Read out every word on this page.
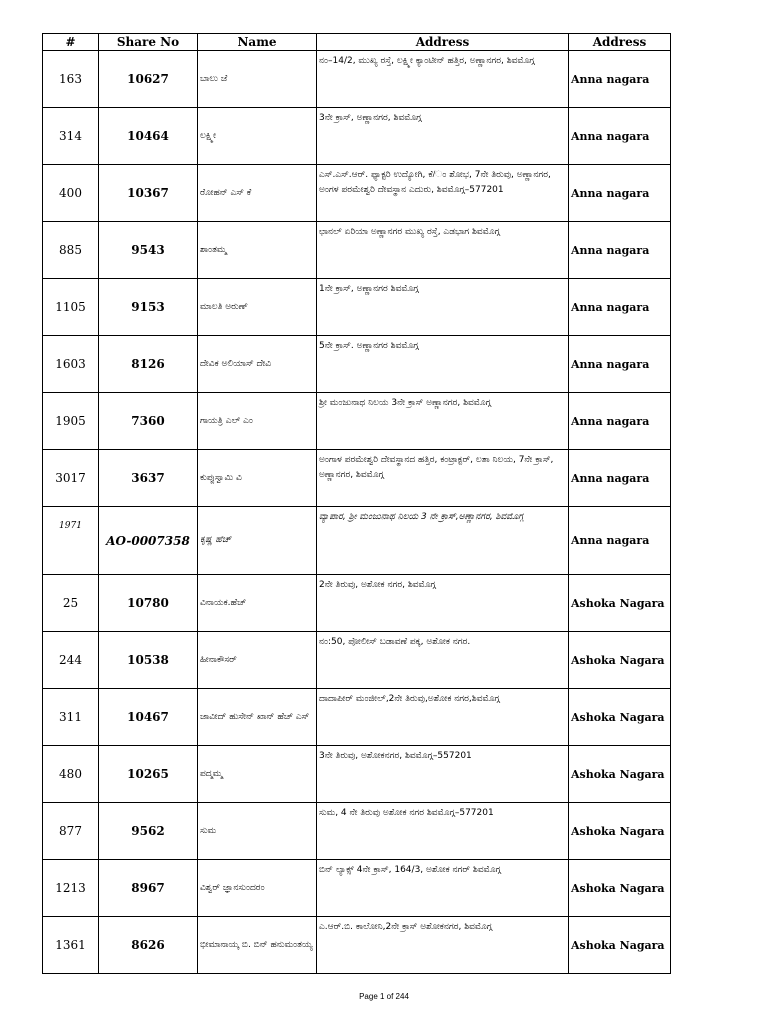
#	Share No	Name	Address	Address
163	10627	ಬಾಲು ಜೆ	ನಂ–14/2, ಮುಖ್ಯ ರಸ್ತೆ, ಲಕ್ಷ್ಮೀ ಕ್ಯಾಂಟೀನ್ ಹತ್ತಿರ, ಅಣ್ಣಾನಗರ, ಶಿವಮೊಗ್ಗ	Anna nagara
314	10464	ಲಕ್ಷ್ಮೀ	3ನೇ ಕ್ರಾಸ್, ಅಣ್ಣಾನಗರ, ಶಿವಮೊಗ್ಗ	Anna nagara
400	10367	ರೋಹನ್ ಎಸ್ ಕೆ	ಎಸ್.ಎಸ್.ಆರ್. ಫ್ಯಾಕ್ಟರಿ ಉದ್ಯೋಗಿ, ಕೆ/ಂ ಶೋಭ, 7ನೇ ತಿರುವು, ಅಣ್ಣಾನಗರ, ಅಂಗಳ ಪರಮೇಶ್ವರಿ ದೇವಸ್ಥಾನ ಎದುರು, ಶಿವಮೊಗ್ಗ–577201	Anna nagara
885	9543	ಶಾಂತಮ್ಮ	ಛಾನಲ್ ಏರಿಯಾ ಅಣ್ಣಾನಗರ ಮುಖ್ಯ ರಸ್ತೆ, ಎಡಭಾಗ ಶಿವಮೊಗ್ಗ	Anna nagara
1105	9153	ಮಾಲತಿ ಅರುಣ್	1ನೇ ಕ್ರಾಸ್, ಅಣ್ಣಾನಗರ ಶಿವಮೊಗ್ಗ	Anna nagara
1603	8126	ದೇವಿಕ ಅಲಿಯಾಸ್ ದೇವಿ	5ನೇ ಕ್ರಾಸ್. ಅಣ್ಣಾನಗರ ಶಿವಮೊಗ್ಗ	Anna nagara
1905	7360	ಗಾಯತ್ರಿ ಎಲ್ ಎಂ	ಶ್ರೀ ಮಂಜುನಾಥ ನಿಲಯ 3ನೇ ಕ್ರಾಸ್ ಅಣ್ಣಾನಗರ, ಶಿವಮೊಗ್ಗ	Anna nagara
3017	3637	ಕುಪ್ಪುಸ್ವಾಮಿ ವಿ	ಅಂಗಾಳ ಪರಮೇಶ್ವರಿ ದೇವಸ್ಥಾನದ ಹತ್ತಿರ, ಕಂಟ್ರಾಕ್ಟರ್, ಲತಾ ನಿಲಯ, 7ನೇ ಕ್ರಾಸ್, ಅಣ್ಣಾನಗರ, ಶಿವಮೊಗ್ಗ	Anna nagara
1971	AO-0007358	ಕೃಷ್ಣ ಹೆಚ್	ವ್ಯಾಪಾರ, ಶ್ರೀ ಮಂಜುನಾಥ ನಿಲಯ 3 ನೇ ಕ್ರಾಸ್,ಅಣ್ಣಾನಗರ, ಶಿವಮೊಗ್ಗ	Anna nagara
25	10780	ವಿನಾಯಕ.ಹೆಚ್	2ನೇ ತಿರುವು, ಅಶೋಕ ನಗರ, ಶಿವಮೊಗ್ಗ	Ashoka Nagara
244	10538	ಹೀನಾಕೌಸರ್	ನಂ:50, ಪೋಲೀಸ್ ಬಡಾವಣೆ ಪಕ್ಕ, ಅಶೋಕ ನಗರ.	Ashoka Nagara
311	10467	ಜಾವೀದ್ ಹುಸೇನ್ ಖಾನ್ ಹೆಚ್ ಎಸ್	ದಾದಾಪೀರ್ ಮಂಜೀಲ್,2ನೇ ತಿರುವು,ಅಶೋಕ ನಗರ,ಶಿವಮೊಗ್ಗ	Ashoka Nagara
480	10265	ಪದ್ಮಮ್ಮ	3ನೇ ತಿರುವು, ಅಶೋಕನಗರ, ಶಿವಮೊಗ್ಗ–557201	Ashoka Nagara
877	9562	ಸುಮ	ಸುಮ, 4 ನೇ ತಿರುವು ಅಶೋಕ ನಗರ ಶಿವಮೊಗ್ಗ–577201	Ashoka Nagara
1213	8967	ವಿಶ್ವರ್ ಜ್ಞಾನಸುಂದರಂ	ಬಿನ್ ಲ್ಯಾಕ್ಸ್ 4ನೇ ಕ್ರಾಸ್, 164/3, ಅಶೋಕ ನಗರ್ ಶಿವಮೊಗ್ಗ	Ashoka Nagara
1361	8626	ಭೀಮಾನಾಯ್ಕ ಬಿ. ಬಿನ್ ಹನುಮಂತಯ್ಯ	ಎ.ಆರ್.ಬಿ. ಕಾಲೋನಿ,2ನೇ ಕ್ರಾಸ್ ಅಶೋಕನಗರ, ಶಿವಮೊಗ್ಗ	Ashoka Nagara
Page 1 of 244
